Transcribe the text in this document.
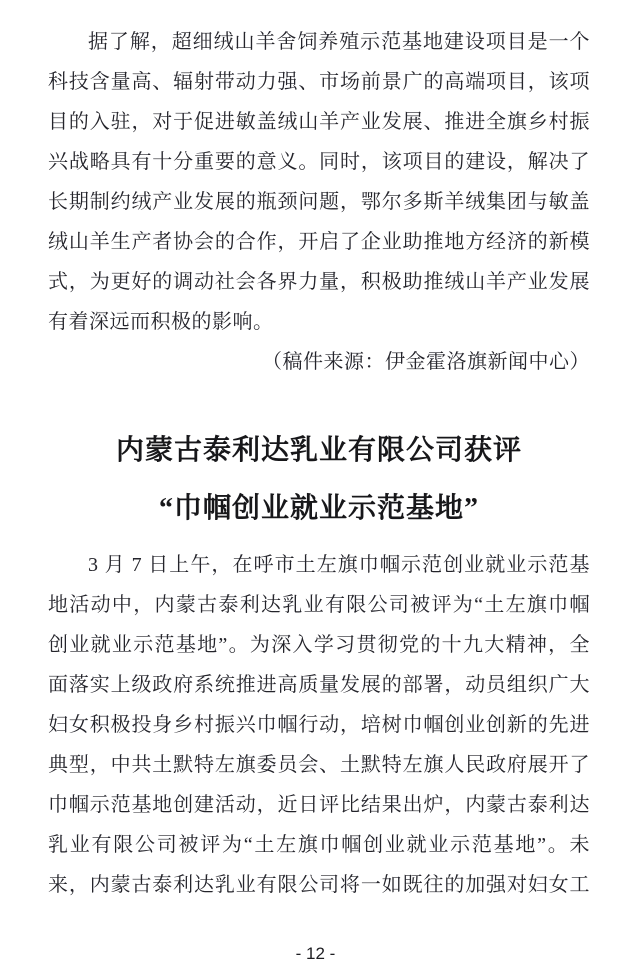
据了解，超细绒山羊舍饲养殖示范基地建设项目是一个
科技含量高、辐射带动力强、市场前景广的高端项目，该项
目的入驻，对于促进敏盖绒山羊产业发展、推进全旗乡村振
兴战略具有十分重要的意义。同时，该项目的建设，解决了
长期制约绒产业发展的瓶颈问题，鄂尔多斯羊绒集团与敏盖
绒山羊生产者协会的合作，开启了企业助推地方经济的新模
式，为更好的调动社会各界力量，积极助推绒山羊产业发展
有着深远而积极的影响。
（稿件来源：伊金霍洛旗新闻中心）
内蒙古泰利达乳业有限公司获评
“巾帼创业就业示范基地”
3 月 7 日上午，在呼市土左旗巾帼示范创业就业示范基
地活动中，内蒙古泰利达乳业有限公司被评为“土左旗巾帼
创业就业示范基地”。为深入学习贯彻党的十九大精神，全
面落实上级政府系统推进高质量发展的部署，动员组织广大
妇女积极投身乡村振兴巾帼行动，培树巾帼创业创新的先进
典型，中共土默特左旗委员会、土默特左旗人民政府展开了
巾帼示范基地创建活动，近日评比结果出炉，内蒙古泰利达
乳业有限公司被评为“土左旗巾帼创业就业示范基地”。未
来，内蒙古泰利达乳业有限公司将一如既往的加强对妇女工
- 12 -
